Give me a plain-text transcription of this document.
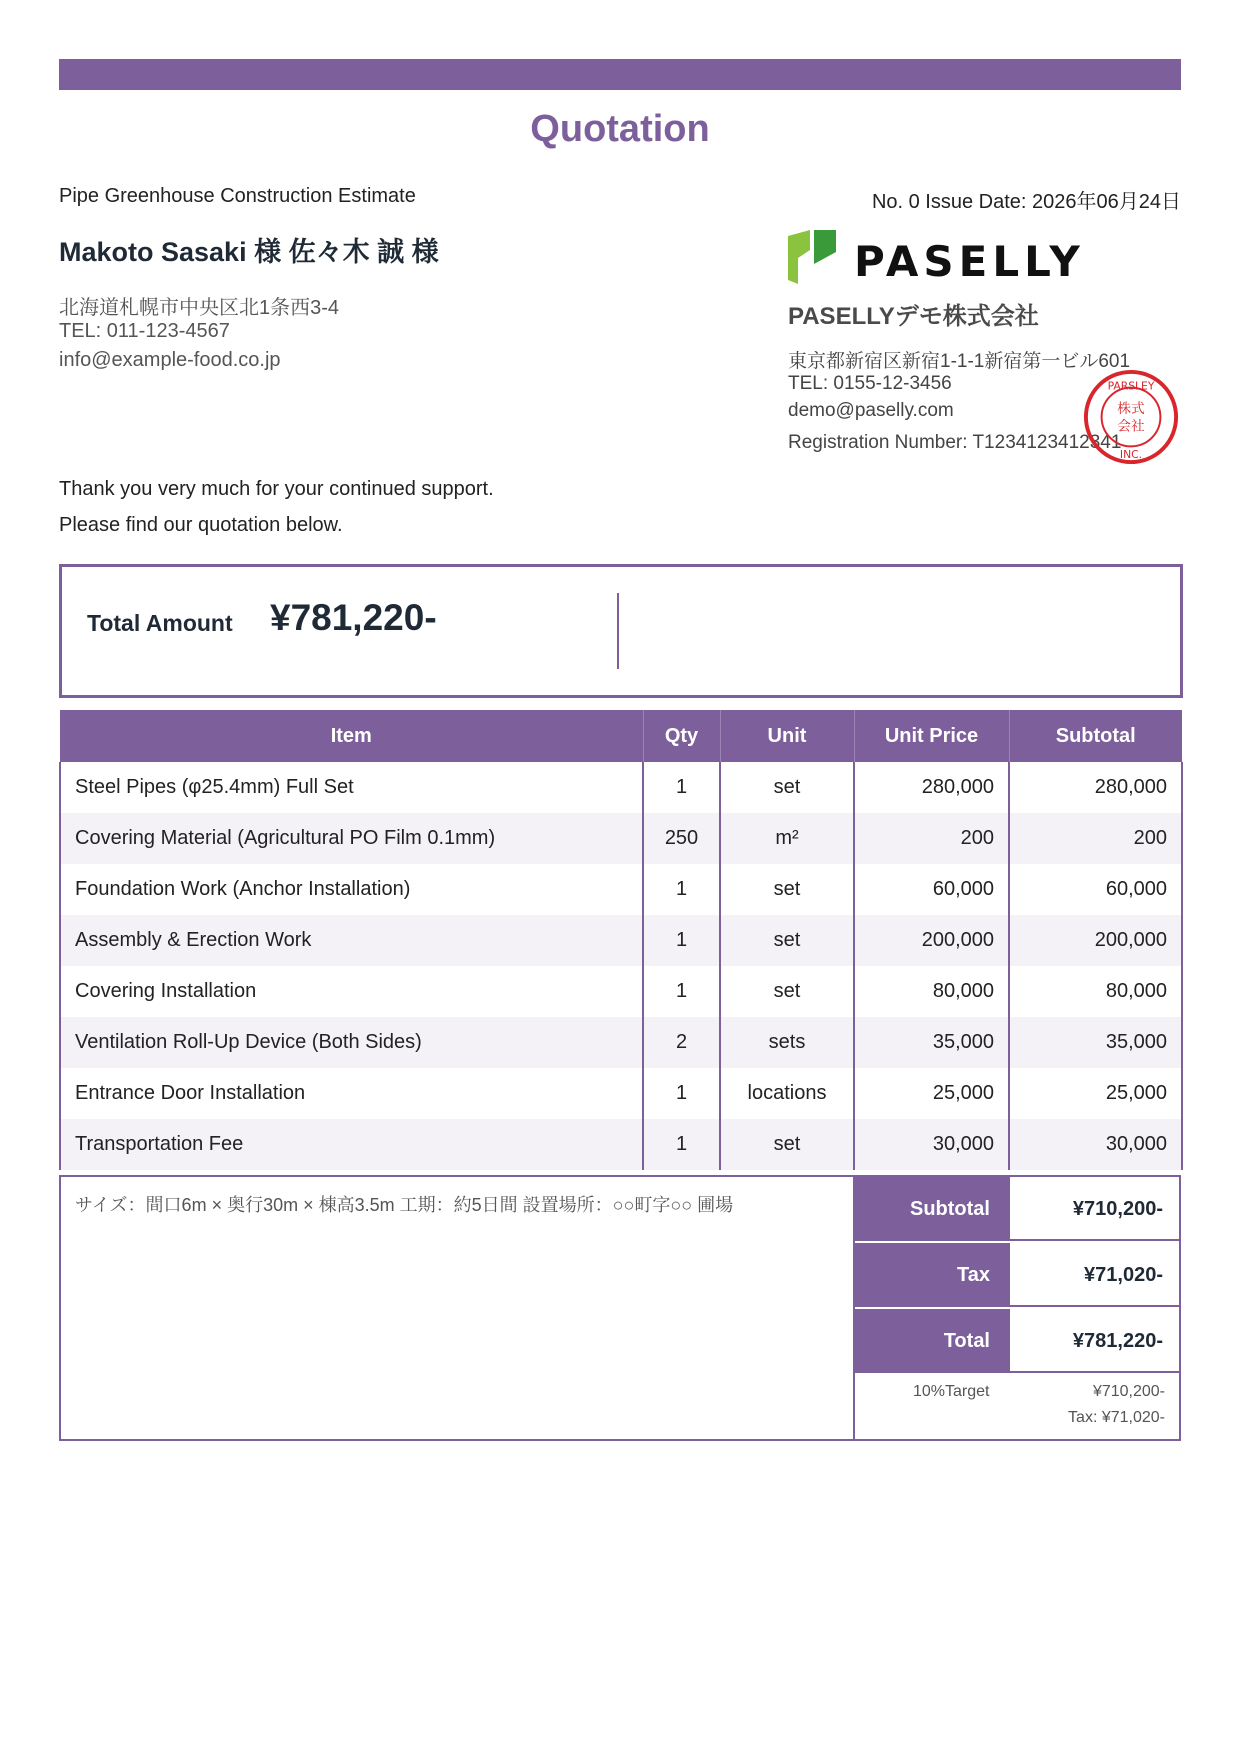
Quotation
Pipe Greenhouse Construction Estimate	No. 0 Issue Date: 2026年06月24日
Makoto Sasaki 様 佐々木 誠 様
北海道札幌市中央区北1条西3-4
TEL: 011-123-4567
info@example-food.co.jp
PASELLY
PASELLYデモ株式会社
東京都新宿区新宿1-1-1新宿第一ビル601
TEL: 0155-12-3456
demo@paselly.com
Registration Number: T1234123412341
PARSLEY
INC.
株式
会社
Thank you very much for your continued support.
Please find our quotation below.
Total Amount ¥781,220-
Item	Qty	Unit	Unit Price	Subtotal
Steel Pipes (φ25.4mm) Full Set	1	set	280,000	280,000
Covering Material (Agricultural PO Film 0.1mm)	250	m²	200	200
Foundation Work (Anchor Installation)	1	set	60,000	60,000
Assembly & Erection Work	1	set	200,000	200,000
Covering Installation	1	set	80,000	80,000
Ventilation Roll-Up Device (Both Sides)	2	sets	35,000	35,000
Entrance Door Installation	1	locations	25,000	25,000
Transportation Fee	1	set	30,000	30,000
サイズ：間口6m × 奥行30m × 棟高3.5m 工期：約5日間 設置場所：○○町字○○ 圃場	Subtotal	¥710,200-
Tax	¥71,020-
Total	¥781,220-
10%Target	¥710,200-
Tax: ¥71,020-
